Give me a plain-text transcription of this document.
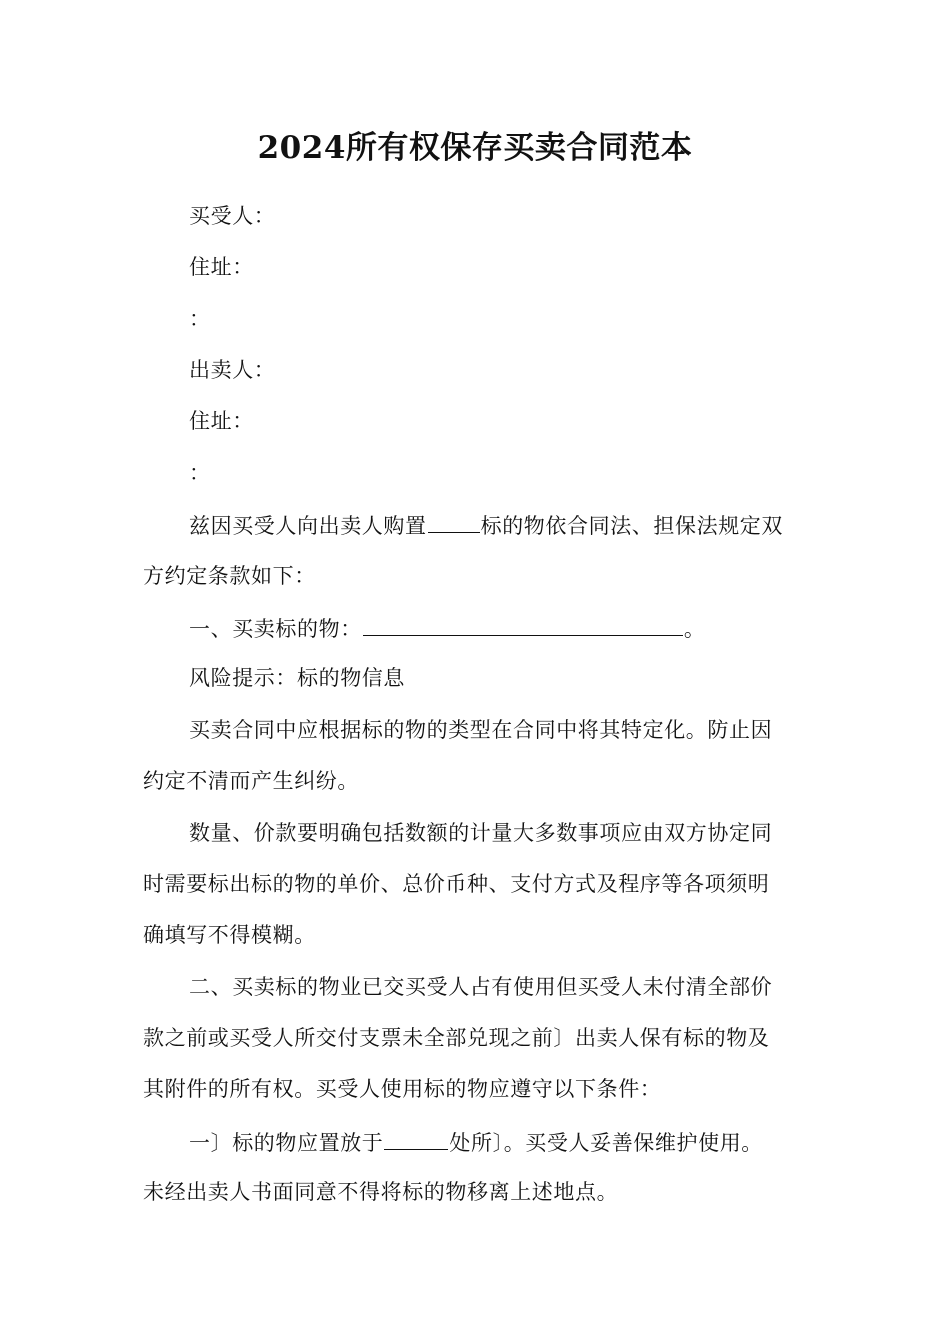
2024所有权保存买卖合同范本
买受人：
住址：
：
出卖人：
住址：
：
兹因买受人向出卖人购置	标的物依合同法、担保法规定双
方约定条款如下：
一、买卖标的物：	。
风险提示：标的物信息
买卖合同中应根据标的物的类型在合同中将其特定化。防止因
约定不清而产生纠纷。
数量、价款要明确包括数额的计量大多数事项应由双方协定同
时需要标出标的物的单价、总价币种、支付方式及程序等各项须明
确填写不得模糊。
二、买卖标的物业已交买受人占有使用但买受人未付清全部价
款之前或买受人所交付支票未全部兑现之前〕出卖人保有标的物及
其附件的所有权。买受人使用标的物应遵守以下条件：
一〕标的物应置放于	处所〕。买受人妥善保维护使用。
未经出卖人书面同意不得将标的物移离上述地点。
